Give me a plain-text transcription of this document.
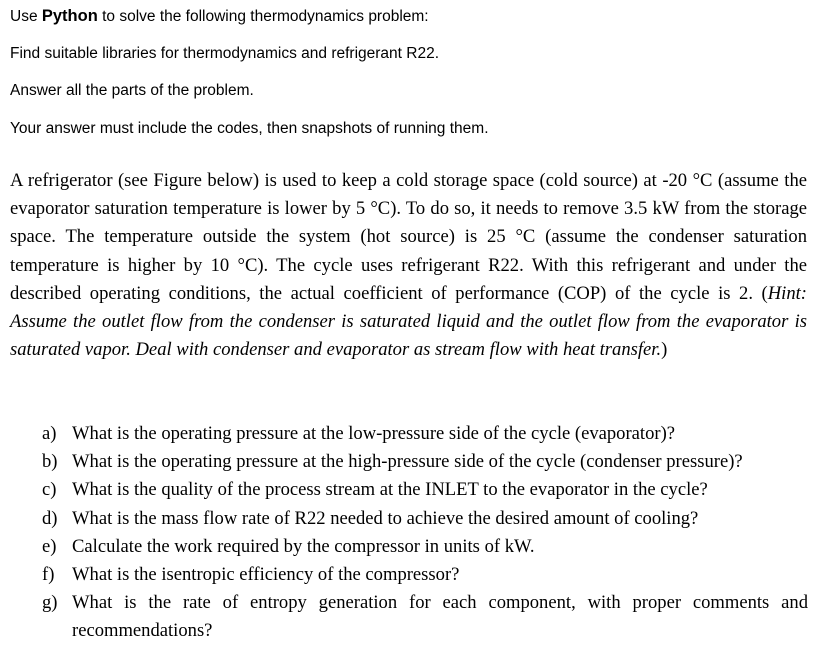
Use Python to solve the following thermodynamics problem:
Find suitable libraries for thermodynamics and refrigerant R22.
Answer all the parts of the problem.
Your answer must include the codes, then snapshots of running them.

A refrigerator (see Figure below) is used to keep a cold storage space (cold source) at -20 °C (assume the evaporator saturation temperature is lower by 5 °C). To do so, it needs to remove 3.5 kW from the storage space. The temperature outside the system (hot source) is 25 °C (assume the condenser saturation temperature is higher by 10 °C). The cycle uses refrigerant R22. With this refrigerant and under the described operating conditions, the actual coefficient of performance (COP) of the cycle is 2. (Hint: Assume the outlet flow from the condenser is saturated liquid and the outlet flow from the evaporator is saturated vapor. Deal with condenser and evaporator as stream flow with heat transfer.)

a) What is the operating pressure at the low-pressure side of the cycle (evaporator)?
b) What is the operating pressure at the high-pressure side of the cycle (condenser pressure)?
c) What is the quality of the process stream at the INLET to the evaporator in the cycle?
d) What is the mass flow rate of R22 needed to achieve the desired amount of cooling?
e) Calculate the work required by the compressor in units of kW.
f) What is the isentropic efficiency of the compressor?
g) What is the rate of entropy generation for each component, with proper comments and recommendations?
